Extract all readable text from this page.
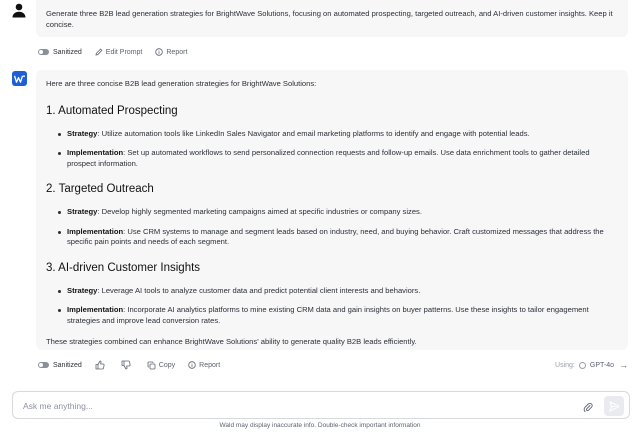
Generate three B2B lead generation strategies for BrightWave Solutions, focusing on automated prospecting, targeted outreach, and AI-driven customer insights. Keep it concise.
Sanitized	Edit Prompt	Report

Here are three concise B2B lead generation strategies for BrightWave Solutions:

1. Automated Prospecting
Strategy: Utilize automation tools like LinkedIn Sales Navigator and email marketing platforms to identify and engage with potential leads.
Implementation: Set up automated workflows to send personalized connection requests and follow-up emails. Use data enrichment tools to gather detailed prospect information.
2. Targeted Outreach
Strategy: Develop highly segmented marketing campaigns aimed at specific industries or company sizes.
Implementation: Use CRM systems to manage and segment leads based on industry, need, and buying behavior. Craft customized messages that address the specific pain points and needs of each segment.
3. AI-driven Customer Insights
Strategy: Leverage AI tools to analyze customer data and predict potential client interests and behaviors.
Implementation: Incorporate AI analytics platforms to mine existing CRM data and gain insights on buyer patterns. Use these insights to tailor engagement strategies and improve lead conversion rates.

These strategies combined can enhance BrightWave Solutions' ability to generate quality B2B leads efficiently.

Sanitized	Copy	Report	Using: GPT-4o →
Ask me anything...
Wald may display inaccurate info. Double-check important information
